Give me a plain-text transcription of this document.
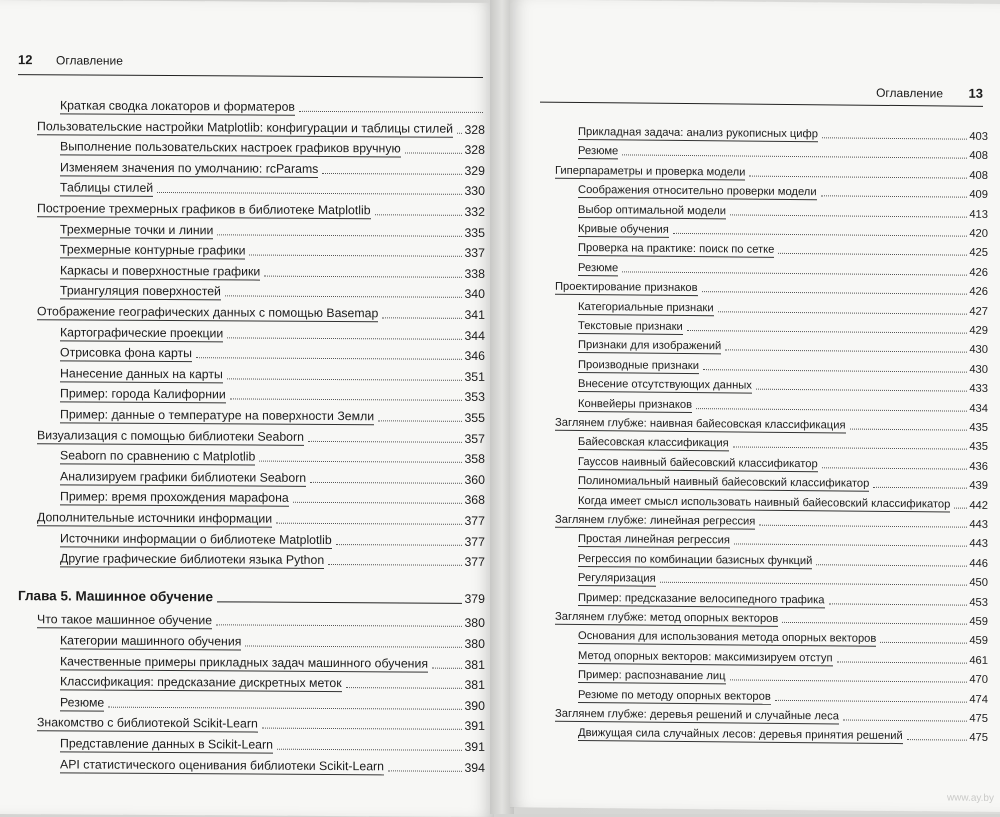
12 Оглавление
Краткая сводка локаторов и форматеров
Пользовательские настройки Matplotlib: конфигурации и таблицы стилей 328
Выполнение пользовательских настроек графиков вручную	328
Изменяем значения по умолчанию: rcParams	329
Таблицы стилей	330
Построение трехмерных графиков в библиотеке Matplotlib	332
Трехмерные точки и линии	335
Трехмерные контурные графики	337
Каркасы и поверхностные графики	338
Триангуляция поверхностей	340
Отображение географических данных с помощью Basemap	341
Картографические проекции	344
Отрисовка фона карты	346
Нанесение данных на карты	351
Пример: города Калифорнии	353
Пример: данные о температуре на поверхности Земли	355
Визуализация с помощью библиотеки Seaborn	357
Seaborn по сравнению с Matplotlib	358
Анализируем графики библиотеки Seaborn	360
Пример: время прохождения марафона	368
Дополнительные источники информации	377
Источники информации о библиотеке Matplotlib	377
Другие графические библиотеки языка Python	377
Глава 5. Машинное обучение	379
Что такое машинное обучение	380
Категории машинного обучения	380
Качественные примеры прикладных задач машинного обучения	381
Классификация: предсказание дискретных меток	381
Резюме	390
Знакомство с библиотекой Scikit-Learn	391
Представление данных в Scikit-Learn	391
API статистического оценивания библиотеки Scikit-Learn	394
Оглавление 13
Прикладная задача: анализ рукописных цифр	403
Резюме	408
Гиперпараметры и проверка модели	408
Соображения относительно проверки модели	409
Выбор оптимальной модели	413
Кривые обучения	420
Проверка на практике: поиск по сетке	425
Резюме	426
Проектирование признаков	426
Категориальные признаки	427
Текстовые признаки	429
Признаки для изображений	430
Производные признаки	430
Внесение отсутствующих данных	433
Конвейеры признаков	434
Заглянем глубже: наивная байесовская классификация	435
Байесовская классификация	435
Гауссов наивный байесовский классификатор	436
Полиномиальный наивный байесовский классификатор	439
Когда имеет смысл использовать наивный байесовский классификатор 442
Заглянем глубже: линейная регрессия	443
Простая линейная регрессия	443
Регрессия по комбинации базисных функций	446
Регуляризация	450
Пример: предсказание велосипедного трафика	453
Заглянем глубже: метод опорных векторов	459
Основания для использования метода опорных векторов	459
Метод опорных векторов: максимизируем отступ	461
Пример: распознавание лиц	470
Резюме по методу опорных векторов	474
Заглянем глубже: деревья решений и случайные леса	475
Движущая сила случайных лесов: деревья принятия решений	475
www.ay.by
